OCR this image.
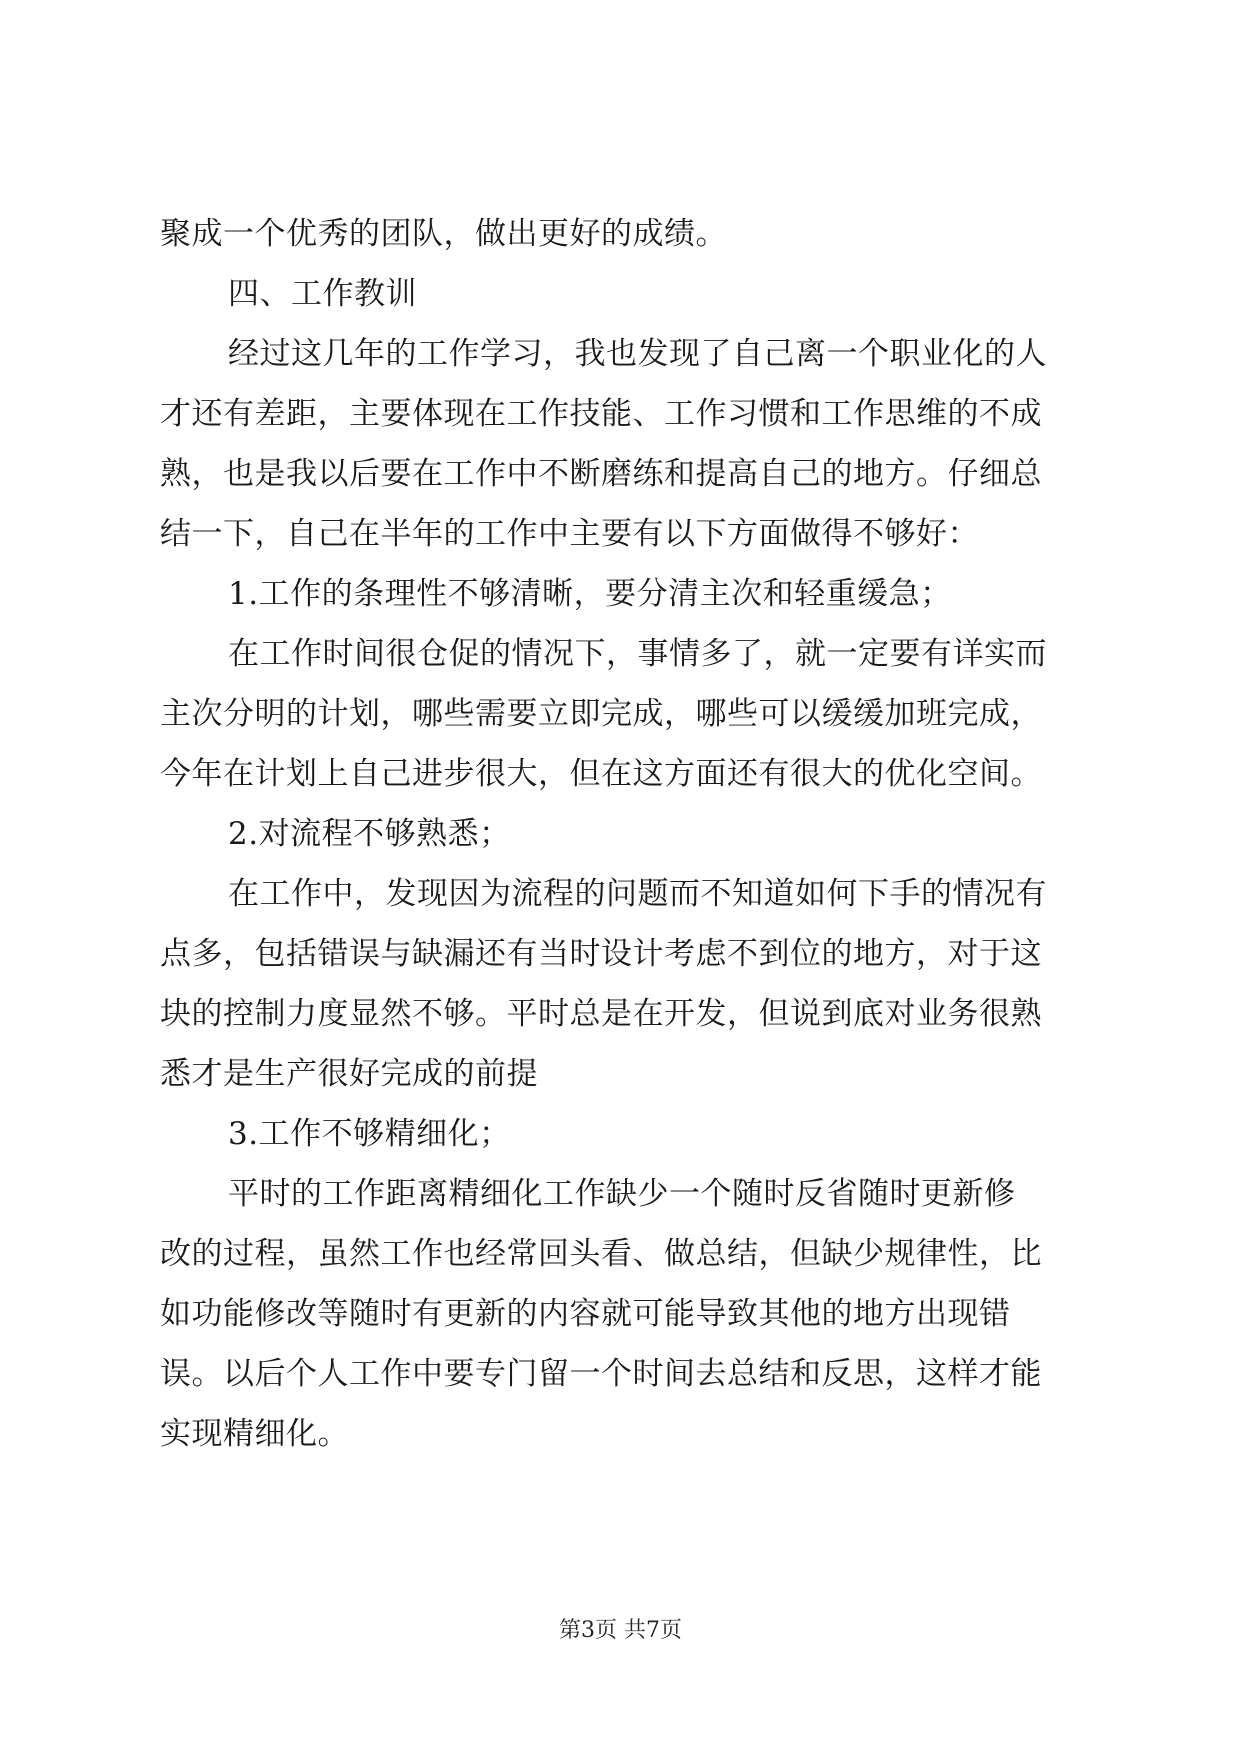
聚成一个优秀的团队，做出更好的成绩。
四、工作教训
经过这几年的工作学习，我也发现了自己离一个职业化的人
才还有差距，主要体现在工作技能、工作习惯和工作思维的不成
熟，也是我以后要在工作中不断磨练和提高自己的地方。仔细总
结一下，自己在半年的工作中主要有以下方面做得不够好：
1.工作的条理性不够清晰，要分清主次和轻重缓急；
在工作时间很仓促的情况下，事情多了，就一定要有详实而
主次分明的计划，哪些需要立即完成，哪些可以缓缓加班完成，
今年在计划上自己进步很大，但在这方面还有很大的优化空间。
2.对流程不够熟悉；
在工作中，发现因为流程的问题而不知道如何下手的情况有
点多，包括错误与缺漏还有当时设计考虑不到位的地方，对于这
块的控制力度显然不够。平时总是在开发，但说到底对业务很熟
悉才是生产很好完成的前提
3.工作不够精细化；
平时的工作距离精细化工作缺少一个随时反省随时更新修
改的过程，虽然工作也经常回头看、做总结，但缺少规律性，比
如功能修改等随时有更新的内容就可能导致其他的地方出现错
误。以后个人工作中要专门留一个时间去总结和反思，这样才能
实现精细化。
第3页 共7页
